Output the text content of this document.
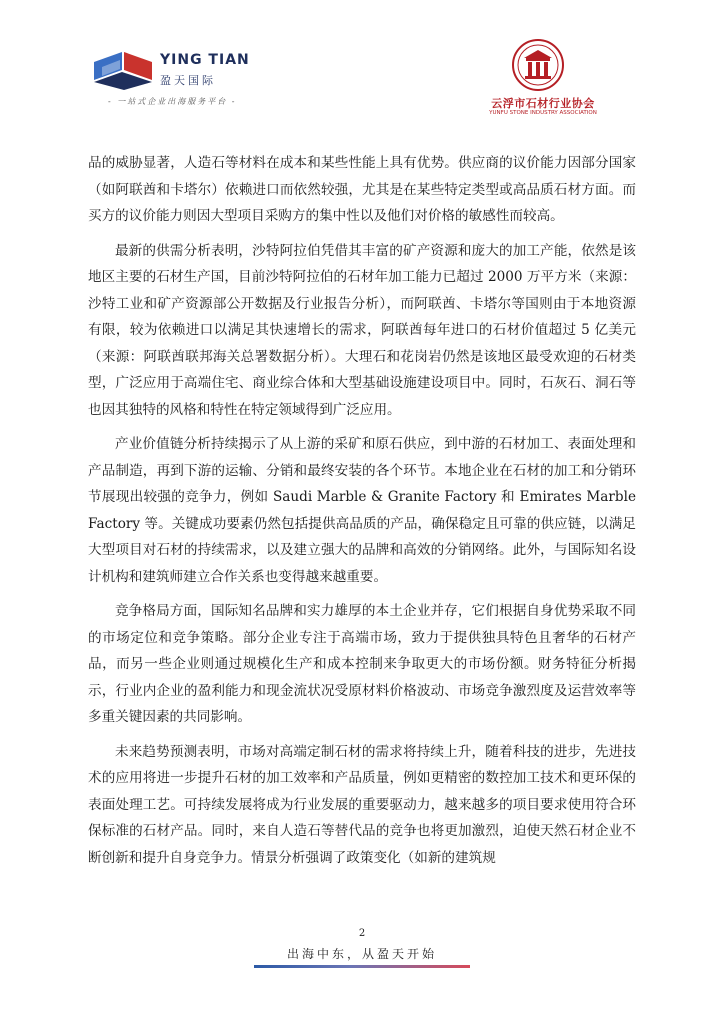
YING TIAN
盈天国际
- 一站式企业出海服务平台 -	云浮市石材行业协会
YUNFU STONE INDUSTRY ASSOCIATION

品的威胁显著，人造石等材料在成本和某些性能上具有优势。供应商的议价能力因部分国家（如阿联酋和卡塔尔）依赖进口而依然较强，尤其是在某些特定类型或高品质石材方面。而买方的议价能力则因大型项目采购方的集中性以及他们对价格的敏感性而较高。

最新的供需分析表明，沙特阿拉伯凭借其丰富的矿产资源和庞大的加工产能，依然是该地区主要的石材生产国，目前沙特阿拉伯的石材年加工能力已超过 2000 万平方米（来源：沙特工业和矿产资源部公开数据及行业报告分析），而阿联酋、卡塔尔等国则由于本地资源有限，较为依赖进口以满足其快速增长的需求，阿联酋每年进口的石材价值超过 5 亿美元（来源：阿联酋联邦海关总署数据分析）。大理石和花岗岩仍然是该地区最受欢迎的石材类型，广泛应用于高端住宅、商业综合体和大型基础设施建设项目中。同时，石灰石、洞石等也因其独特的风格和特性在特定领域得到广泛应用。

产业价值链分析持续揭示了从上游的采矿和原石供应，到中游的石材加工、表面处理和产品制造，再到下游的运输、分销和最终安装的各个环节。本地企业在石材的加工和分销环节展现出较强的竞争力，例如 Saudi Marble & Granite Factory 和 Emirates Marble Factory 等。关键成功要素仍然包括提供高品质的产品，确保稳定且可靠的供应链，以满足大型项目对石材的持续需求，以及建立强大的品牌和高效的分销网络。此外，与国际知名设计机构和建筑师建立合作关系也变得越来越重要。

竞争格局方面，国际知名品牌和实力雄厚的本土企业并存，它们根据自身优势采取不同的市场定位和竞争策略。部分企业专注于高端市场，致力于提供独具特色且奢华的石材产品，而另一些企业则通过规模化生产和成本控制来争取更大的市场份额。财务特征分析揭示，行业内企业的盈利能力和现金流状况受原材料价格波动、市场竞争激烈度及运营效率等多重关键因素的共同影响。

未来趋势预测表明，市场对高端定制石材的需求将持续上升，随着科技的进步，先进技术的应用将进一步提升石材的加工效率和产品质量，例如更精密的数控加工技术和更环保的表面处理工艺。可持续发展将成为行业发展的重要驱动力，越来越多的项目要求使用符合环保标准的石材产品。同时，来自人造石等替代品的竞争也将更加激烈，迫使天然石材企业不断创新和提升自身竞争力。情景分析强调了政策变化（如新的建筑规

2
出海中东，从盈天开始
